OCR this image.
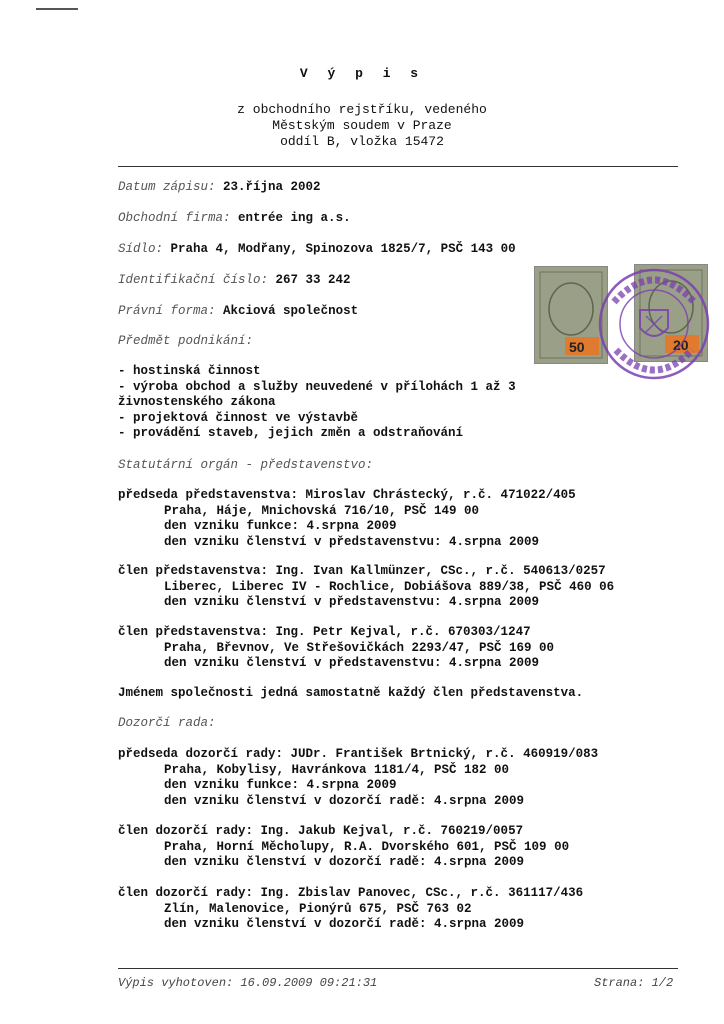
V ý p i s
z obchodního rejstříku, vedeného
Městským soudem v Praze
oddíl B, vložka 15472
Datum zápisu: 23.října 2002
Obchodní firma: entrée ing a.s.
Sídlo: Praha 4, Modřany, Spinozova 1825/7, PSČ 143 00
Identifikační číslo: 267 33 242
Právní forma: Akciová společnost
Předmět podnikání:
- hostinská činnost
- výroba obchod a služby neuvedené v přílohách 1 až 3
živnostenského zákona
- projektová činnost ve výstavbě
- provádění staveb, jejich změn a odstraňování
Statutární orgán - představenstvo:
předseda představenstva: Miroslav Chrástecký, r.č. 471022/405
Praha, Háje, Mnichovská 716/10, PSČ 149 00
den vzniku funkce: 4.srpna 2009
den vzniku členství v představenstvu: 4.srpna 2009
člen představenstva: Ing. Ivan Kallmünzer, CSc., r.č. 540613/0257
Liberec, Liberec IV - Rochlice, Dobiášova 889/38, PSČ 460 06
den vzniku členství v představenstvu: 4.srpna 2009
člen představenstva: Ing. Petr Kejval, r.č. 670303/1247
Praha, Břevnov, Ve Střešovičkách 2293/47, PSČ 169 00
den vzniku členství v představenstvu: 4.srpna 2009
Jménem společnosti jedná samostatně každý člen představenstva.
Dozorčí rada:
předseda dozorčí rady: JUDr. František Brtnický, r.č. 460919/083
Praha, Kobylisy, Havránkova 1181/4, PSČ 182 00
den vzniku funkce: 4.srpna 2009
den vzniku členství v dozorčí radě: 4.srpna 2009
člen dozorčí rady: Ing. Jakub Kejval, r.č. 760219/0057
Praha, Horní Měcholupy, R.A. Dvorského 601, PSČ 109 00
den vzniku členství v dozorčí radě: 4.srpna 2009
člen dozorčí rady: Ing. Zbislav Panovec, CSc., r.č. 361117/436
Zlín, Malenovice, Pionýrů 675, PSČ 763 02
den vzniku členství v dozorčí radě: 4.srpna 2009
Výpis vyhotoven: 16.09.2009 09:21:31	Strana: 1/2
50	20
